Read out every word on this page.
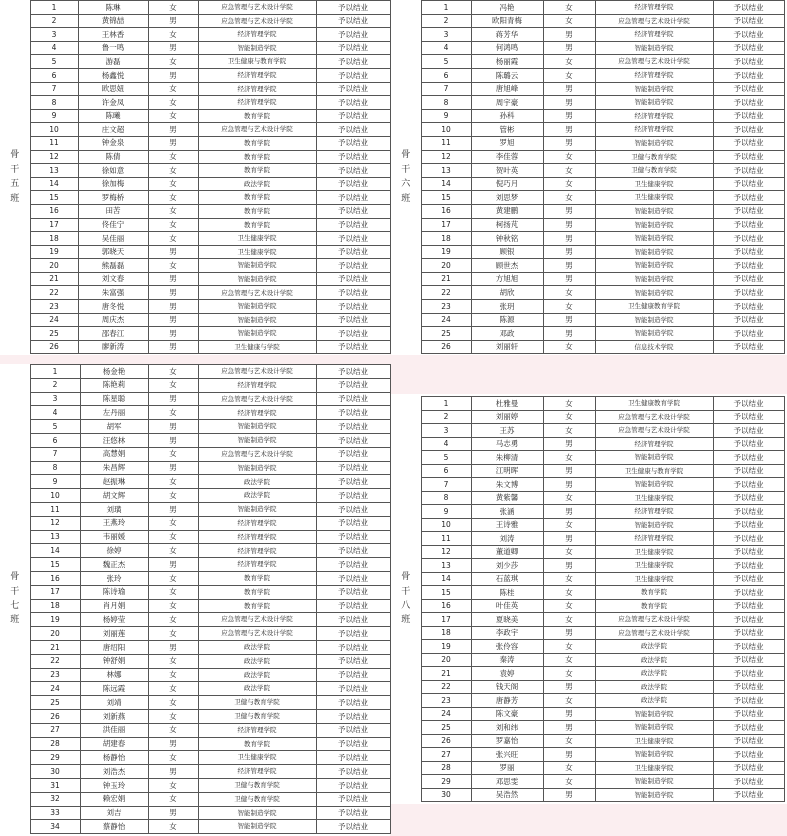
骨
干
五
班	1	陈琳	女	应急管理与艺术设计学院	予以结业
	2	黄锦喆	男	应急管理与艺术设计学院	予以结业
	3	王林香	女	经济管理学院	予以结业
	4	鲁一鸣	男	智能制造学院	予以结业
	5	游磊	女	卫生健康与教育学院	予以结业
	6	杨鑫悦	男	经济管理学院	予以结业
	7	欧思妞	女	经济管理学院	予以结业
	8	许金凤	女	经济管理学院	予以结业
	9	陈曦	女	教育学院	予以结业
	10	庄文超	男	应急管理与艺术设计学院	予以结业
	11	钟金泉	男	教育学院	予以结业
	12	陈倩	女	教育学院	予以结业
	13	徐如意	女	教育学院	予以结业
	14	徐加梅	女	政法学院	予以结业
	15	罗梅桥	女	教育学院	予以结业
	16	田苦	女	教育学院	予以结业
	17	佟佳宁	女	教育学院	予以结业
	18	吴佳丽	女	卫生健康学院	予以结业
	19	郭晓天	男	卫生健康学院	予以结业
	20	熊磊磊	女	智能制造学院	予以结业
	21	刘文春	男	智能制造学院	予以结业
	22	朱富强	男	应急管理与艺术设计学院	予以结业
	23	唐冬悦	男	智能制造学院	予以结业
	24	周庆杰	男	智能制造学院	予以结业
	25	邵春江	男	智能制造学院	予以结业
	26	廖新涛	男	卫生健康与学院	予以结业
骨
干
六
班	1	冯艳	女	经济管理学院	予以结业
	2	欧阳青梅	女	应急管理与艺术设计学院	予以结业
	3	蒋芳华	男	经济管理学院	予以结业
	4	何鸿鸣	男	智能制造学院	予以结业
	5	杨丽霞	女	应急管理与艺术设计学院	予以结业
	6	陈璐云	女	经济管理学院	予以结业
	7	唐旭峰	男	智能制造学院	予以结业
	8	周宇豪	男	智能制造学院	予以结业
	9	孙科	男	经济管理学院	予以结业
	10	管彬	男	经济管理学院	予以结业
	11	罗旭	男	智能制造学院	予以结业
	12	李佳蓉	女	卫健与教育学院	予以结业
	13	贺叶英	女	卫健与教育学院	予以结业
	14	倪巧月	女	卫生健康学院	予以结业
	15	刘思梦	女	卫生健康学院	予以结业
	16	黄建鹏	男	智能制造学院	予以结业
	17	柯扬芃	男	智能制造学院	予以结业
	18	钟秋铭	男	智能制造学院	予以结业
	19	顾银	男	智能制造学院	予以结业
	20	顾世杰	男	智能制造学院	予以结业
	21	方旭旭	男	智能制造学院	予以结业
	22	胡欣	女	智能制造学院	予以结业
	23	张玥	女	卫生健康教育学院	予以结业
	24	陈源	男	智能制造学院	予以结业
	25	邓政	男	智能制造学院	予以结业
	26	刘丽轩	女	信息技术学院	予以结业
骨
干
七
班	1	杨金艳	女	应急管理与艺术设计学院	予以结业
	2	陈艳莉	女	经济管理学院	予以结业
	3	陈星聪	男	应急管理与艺术设计学院	予以结业
	4	左丹丽	女	经济管理学院	予以结业
	5	胡军	男	智能制造学院	予以结业
	6	汪悠林	男	智能制造学院	予以结业
	7	高慧娟	女	应急管理与艺术设计学院	予以结业
	8	朱昌辉	男	智能制造学院	予以结业
	9	赵振琳	女	政法学院	予以结业
	10	胡文辉	女	政法学院	予以结业
	11	刘璜	男	智能制造学院	予以结业
	12	王燕玲	女	经济管理学院	予以结业
	13	韦丽媛	女	经济管理学院	予以结业
	14	徐婷	女	经济管理学院	予以结业
	15	魏正杰	男	经济管理学院	予以结业
	16	张玲	女	教育学院	予以结业
	17	陈诗瑜	女	教育学院	予以结业
	18	肖月娟	女	教育学院	予以结业
	19	杨婷莹	女	应急管理与艺术设计学院	予以结业
	20	刘丽莲	女	应急管理与艺术设计学院	予以结业
	21	唐绍阳	男	政法学院	予以结业
	22	钟舒娟	女	政法学院	予以结业
	23	林娜	女	政法学院	予以结业
	24	陈远霞	女	政法学院	予以结业
	25	刘靖	女	卫健与教育学院	予以结业
	26	刘新燕	女	卫健与教育学院	予以结业
	27	洪佳丽	女	经济管理学院	予以结业
	28	胡建春	男	教育学院	予以结业
	29	杨静怡	女	卫生健康学院	予以结业
	30	刘浩杰	男	经济管理学院	予以结业
	31	钟玉玲	女	卫健与教育学院	予以结业
	32	赖宏娟	女	卫健与教育学院	予以结业
	33	刘吉	男	智能制造学院	予以结业
	34	蔡静怡	女	智能制造学院	予以结业
骨
干
八
班	1	杜雅曼	女	卫生健康教育学院	予以结业
	2	刘丽婷	女	应急管理与艺术设计学院	予以结业
	3	王苏	女	应急管理与艺术设计学院	予以结业
	4	马志勇	男	经济管理学院	予以结业
	5	朱柳清	女	智能制造学院	予以结业
	6	江明晖	男	卫生健康与教育学院	予以结业
	7	朱文博	男	智能制造学院	予以结业
	8	黄紫馨	女	卫生健康学院	予以结业
	9	张涵	男	经济管理学院	予以结业
	10	王诗雅	女	智能制造学院	予以结业
	11	刘涛	男	经济管理学院	予以结业
	12	董道卿	女	卫生健康学院	予以结业
	13	刘少莎	男	卫生健康学院	予以结业
	14	石蓝琪	女	卫生健康学院	予以结业
	15	陈桂	女	教育学院	予以结业
	16	叶佳英	女	教育学院	予以结业
	17	夏晓美	女	应急管理与艺术设计学院	予以结业
	18	李政宇	男	应急管理与艺术设计学院	予以结业
	19	张伶容	女	政法学院	予以结业
	20	秦涛	女	政法学院	予以结业
	21	袁婷	女	政法学院	予以结业
	22	钱天阁	男	政法学院	予以结业
	23	唐静芳	女	政法学院	予以结业
	24	陈文豪	男	智能制造学院	予以结业
	25	刘和纬	男	智能制造学院	予以结业
	26	罗嘉怡	女	卫生健康学院	予以结业
	27	张兴旺	男	智能制造学院	予以结业
	28	罗丽	女	卫生健康学院	予以结业
	29	邓思雯	女	智能制造学院	予以结业
	30	吴浩然	男	智能制造学院	予以结业
